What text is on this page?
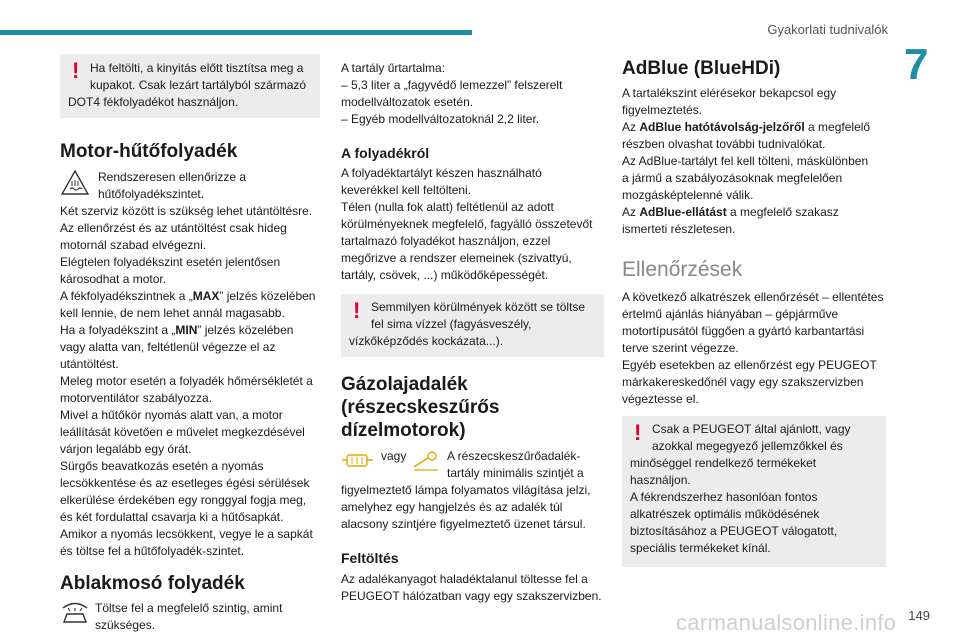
Gyakorlati tudnivalók
7
! Ha feltölti, a kinyitás előtt tisztítsa meg a

kupakot. Csak lezárt tartályból származó

DOT4 fékfolyadékot használjon.

Motor-hűtőfolyadék

Rendszeresen ellenőrizze a

hűtőfolyadékszintet.

Két szerviz között is szükség lehet utántöltésre.

Az ellenőrzést és az utántöltést csak hideg

motornál szabad elvégezni.

Elégtelen folyadékszint esetén jelentősen

károsodhat a motor.

A fékfolyadékszintnek a „MAX” jelzés közelében

kell lennie, de nem lehet annál magasabb.

Ha a folyadékszint a „MIN” jelzés közelében

vagy alatta van, feltétlenül végezze el az

utántöltést.

Meleg motor esetén a folyadék hőmérsékletét a

motorventilátor szabályozza.

Mivel a hűtőkör nyomás alatt van, a motor

leállítását követően e művelet megkezdésével

várjon legalább egy órát.

Sürgős beavatkozás esetén a nyomás

lecsökkentése és az esetleges égési sérülések

elkerülése érdekében egy ronggyal fogja meg,

és két fordulattal csavarja ki a hűtősapkát.

Amikor a nyomás lecsökkent, vegye le a sapkát

és töltse fel a hűtőfolyadék-szintet.

Ablakmosó folyadék

Töltse fel a megfelelő szintig, amint

szükséges.

A tartály űrtartalma:

– 5,3 liter a „fagyvédő lemezzel” felszerelt

modellváltozatok esetén.

– Egyéb modellváltozatoknál 2,2 liter.

A folyadékról

A folyadéktartályt készen használható

keverékkel kell feltölteni.

Télen (nulla fok alatt) feltétlenül az adott

körülményeknek megfelelő, fagyálló összetevőt

tartalmazó folyadékot használjon, ezzel

megőrizve a rendszer elemeinek (szivattyú,

tartály, csövek, ...) működőképességét.

! Semmilyen körülmények között se töltse

fel sima vízzel (fagyásveszély,

vízkőképződés kockázata...).

Gázolajadalék
(részecskeszűrős
dízelmotorok)
vagy	A részecskeszűrőadalék-

tartály minimális szintjét a

figyelmeztető lámpa folyamatos világítása jelzi,

amelyhez egy hangjelzés és az adalék túl

alacsony szintjére figyelmeztető üzenet társul.

Feltöltés

Az adalékanyagot haladéktalanul töltesse fel a

PEUGEOT hálózatban vagy egy szakszervizben.

AdBlue (BlueHDi)

A tartalékszint elérésekor bekapcsol egy

figyelmeztetés.

Az AdBlue hatótávolság-jelzőről a megfelelő

részben olvashat további tudnivalókat.

Az AdBlue-tartályt fel kell tölteni, máskülönben

a jármű a szabályozásoknak megfelelően

mozgásképtelenné válik.

Az AdBlue-ellátást a megfelelő szakasz

ismerteti részletesen.

Ellenőrzések

A következő alkatrészek ellenőrzését – ellentétes

értelmű ajánlás hiányában – gépjárműve

motortípusától függően a gyártó karbantartási

terve szerint végezze.

Egyéb esetekben az ellenőrzést egy PEUGEOT

márkakereskedőnél vagy egy szakszervizben

végeztesse el.

! Csak a PEUGEOT által ajánlott, vagy

azokkal megegyező jellemzőkkel és

minőséggel rendelkező termékeket

használjon.

A fékrendszerhez hasonlóan fontos

alkatrészek optimális működésének

biztosításához a PEUGEOT válogatott,

speciális termékeket kínál.

carmanualsonline.info 149
